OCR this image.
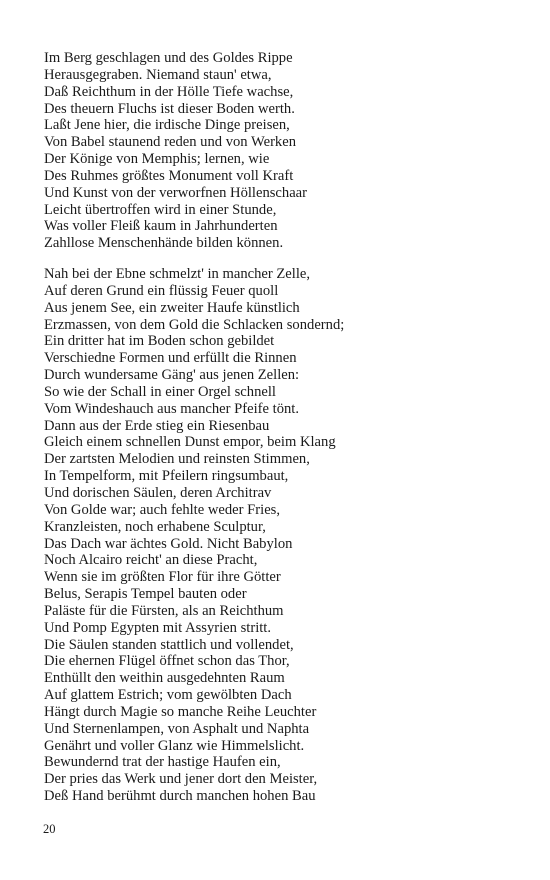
Im Berg geschlagen und des Goldes Rippe
Herausgegraben. Niemand staun' etwa,
Daß Reichthum in der Hölle Tiefe wachse,
Des theuern Fluchs ist dieser Boden werth.
Laßt Jene hier, die irdische Dinge preisen,
Von Babel staunend reden und von Werken
Der Könige von Memphis; lernen, wie
Des Ruhmes größtes Monument voll Kraft
Und Kunst von der verworfnen Höllenschaar
Leicht übertroffen wird in einer Stunde,
Was voller Fleiß kaum in Jahrhunderten
Zahllose Menschenhände bilden können.
Nah bei der Ebne schmelzt' in mancher Zelle,
Auf deren Grund ein flüssig Feuer quoll
Aus jenem See, ein zweiter Haufe künstlich
Erzmassen, von dem Gold die Schlacken sondernd;
Ein dritter hat im Boden schon gebildet
Verschiedne Formen und erfüllt die Rinnen
Durch wundersame Gäng' aus jenen Zellen:
So wie der Schall in einer Orgel schnell
Vom Windeshauch aus mancher Pfeife tönt.
Dann aus der Erde stieg ein Riesenbau
Gleich einem schnellen Dunst empor, beim Klang
Der zartsten Melodien und reinsten Stimmen,
In Tempelform, mit Pfeilern ringsumbaut,
Und dorischen Säulen, deren Architrav
Von Golde war; auch fehlte weder Fries,
Kranzleisten, noch erhabene Sculptur,
Das Dach war ächtes Gold. Nicht Babylon
Noch Alcairo reicht' an diese Pracht,
Wenn sie im größten Flor für ihre Götter
Belus, Serapis Tempel bauten oder
Paläste für die Fürsten, als an Reichthum
Und Pomp Egypten mit Assyrien stritt.
Die Säulen standen stattlich und vollendet,
Die ehernen Flügel öffnet schon das Thor,
Enthüllt den weithin ausgedehnten Raum
Auf glattem Estrich; vom gewölbten Dach
Hängt durch Magie so manche Reihe Leuchter
Und Sternenlampen, von Asphalt und Naphta
Genährt und voller Glanz wie Himmelslicht.
Bewundernd trat der hastige Haufen ein,
Der pries das Werk und jener dort den Meister,
Deß Hand berühmt durch manchen hohen Bau
20
